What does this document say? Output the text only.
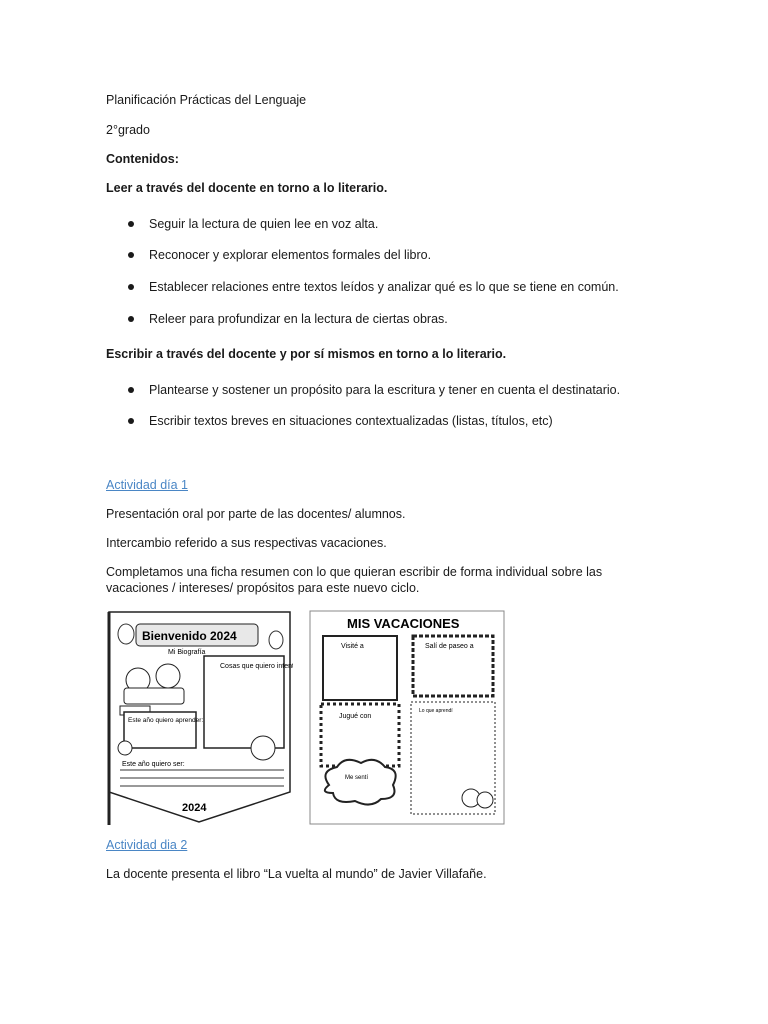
Planificación Prácticas del Lenguaje
2°grado
Contenidos:
Leer a través del docente en torno a lo literario.
Seguir la lectura de quien lee en voz alta.
Reconocer y explorar elementos formales del libro.
Establecer relaciones entre textos leídos y analizar qué es lo que se tiene en común.
Releer para profundizar en la lectura de ciertas obras.
Escribir a través del docente y por sí mismos en torno a lo literario.
Plantearse y sostener un propósito para la escritura y tener en cuenta el destinatario.
Escribir textos breves en situaciones contextualizadas (listas, títulos, etc)
Actividad día 1
Presentación oral por parte de las docentes/ alumnos.
Intercambio referido a sus respectivas vacaciones.
Completamos una ficha resumen con lo que quieran escribir de forma individual sobre las vacaciones / intereses/ propósitos para este nuevo ciclo.
Bienvenido 2024
Mi Biografía
Cosas que quiero intentar
Este año quiero aprender:
Este año quiero ser:
2024
MIS VACACIONES
Visité a	Salí de paseo a
Jugué con
Lo que aprendí
Me sentí
Actividad dia 2
La docente presenta el libro “La vuelta al mundo” de Javier Villafañe.
